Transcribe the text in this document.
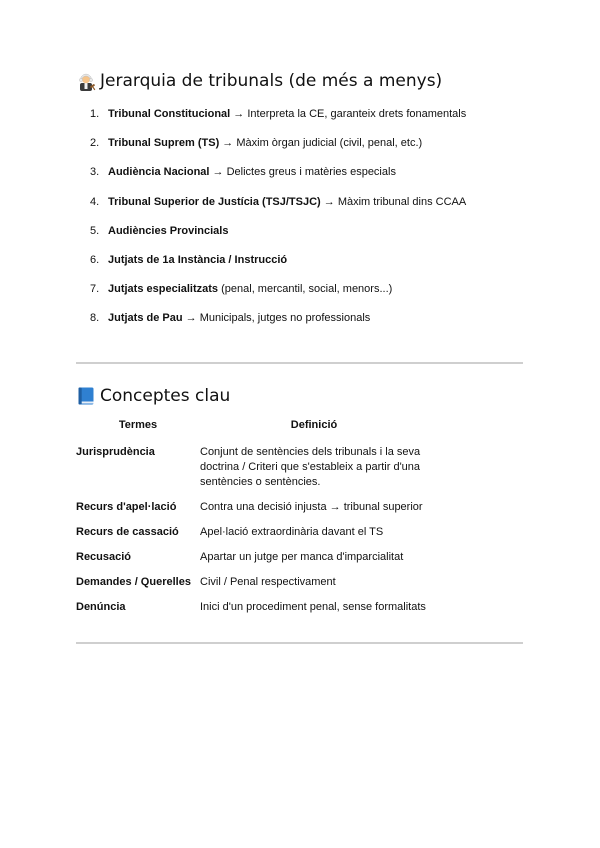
Jerarquia de tribunals (de més a menys)
1. Tribunal Constitucional → Interpreta la CE, garanteix drets fonamentals
2. Tribunal Suprem (TS) → Màxim òrgan judicial (civil, penal, etc.)
3. Audiència Nacional → Delictes greus i matèries especials
4. Tribunal Superior de Justícia (TSJ/TSJC) → Màxim tribunal dins CCAA
5. Audiències Provincials
6. Jutjats de 1a Instància / Instrucció
7. Jutjats especialitzats (penal, mercantil, social, menors...)
8. Jutjats de Pau → Municipals, jutges no professionals
Conceptes clau
Termes	Definició
Jurisprudència	Conjunt de sentències dels tribunals i la seva doctrina / Criteri que s'estableix a partir d'una sentències o sentències.
Recurs d'apel·lació	Contra una decisió injusta → tribunal superior
Recurs de cassació	Apel·lació extraordinària davant el TS
Recusació	Apartar un jutge per manca d'imparcialitat
Demandes / Querelles	Civil / Penal respectivament
Denúncia	Inici d'un procediment penal, sense formalitats
